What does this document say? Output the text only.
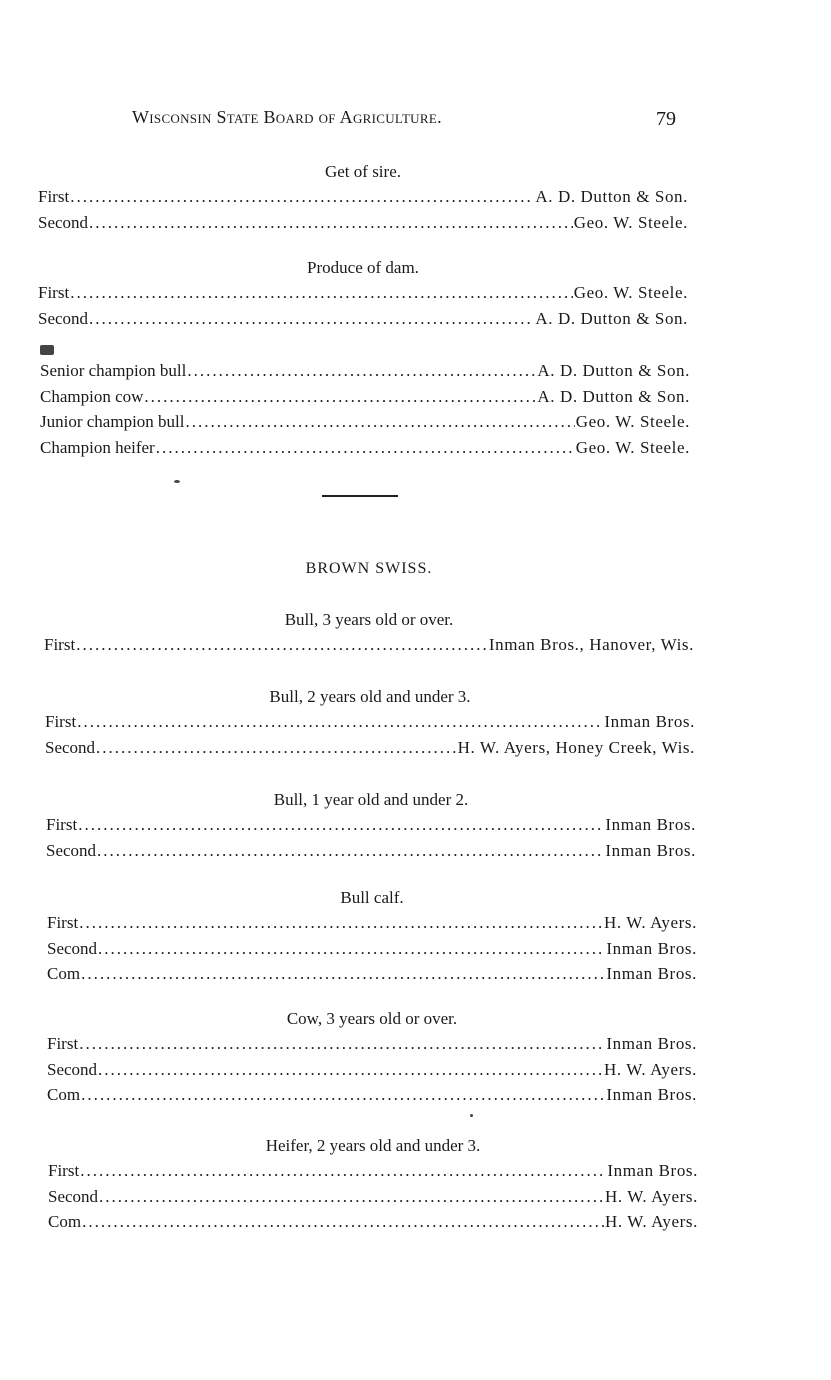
Wisconsin State Board of Agriculture.	79
Get of sire.
First .....	A. D. Dutton & Son.
Second .....	Geo. W. Steele.
Produce of dam.
First .....	Geo. W. Steele.
Second .....	A. D. Dutton & Son.
Senior champion bull .....	A. D. Dutton & Son.
Champion cow .....	A. D. Dutton & Son.
Junior champion bull .....	Geo. W. Steele.
Champion heifer .....	Geo. W. Steele.
BROWN SWISS.
Bull, 3 years old or over.
First .....	Inman Bros., Hanover, Wis.
Bull, 2 years old and under 3.
First .....	Inman Bros.
Second .....	H. W. Ayers, Honey Creek, Wis.
Bull, 1 year old and under 2.
First .....	Inman Bros.
Second .....	Inman Bros.
Bull calf.
First .....	H. W. Ayers.
Second .....	Inman Bros.
Com .....	Inman Bros.
Cow, 3 years old or over.
First .....	Inman Bros.
Second .....	H. W. Ayers.
Com .....	Inman Bros.
Heifer, 2 years old and under 3.
First .....	Inman Bros.
Second .....	H. W. Ayers.
Com .....	H. W. Ayers.
